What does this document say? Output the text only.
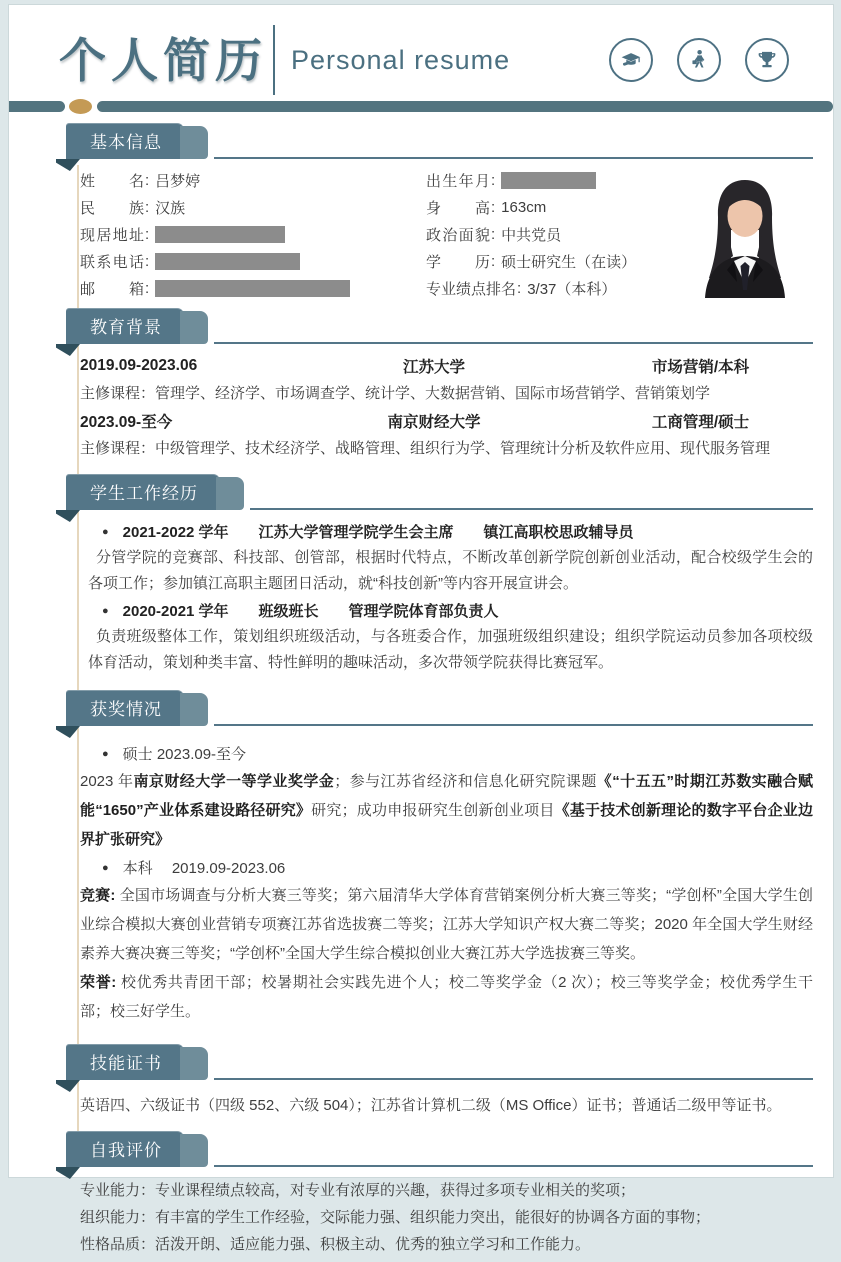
个人简历 Personal resume
基本信息
姓名 : 吕梦婷
民族 : 汉族
现居地址 :
联系电话 :
邮箱 :
出生年月 :
身高 : 163cm
政治面貌 : 中共党员
学历 : 硕士研究生（在读）
专业绩点排名 : 3/37（本科）
教育背景
2019.09-2023.06	江苏大学	市场营销/本科

主修课程：管理学、经济学、市场调查学、统计学、大数据营销、国际市场营销学、营销策划学

2023.09-至今	南京财经大学	工商管理/硕士

主修课程：中级管理学、技术经济学、战略管理、组织行为学、管理统计分析及软件应用、现代服务管理

学生工作经历
● 2021-2022 学年　　江苏大学管理学院学生会主席　　镇江高职校思政辅导员

分管学院的竞赛部、科技部、创管部，根据时代特点，不断改革创新学院创新创业活动，配合校级学生会的各项工作；参加镇江高职主题团日活动，就“科技创新”等内容开展宣讲会。

● 2020-2021 学年　　班级班长　　管理学院体育部负责人

负责班级整体工作，策划组织班级活动，与各班委合作，加强班级组织建设；组织学院运动员参加各项校级体育活动，策划种类丰富、特性鲜明的趣味活动，多次带领学院获得比赛冠军。

获奖情况
● 硕士 2023.09-至今

2023 年南京财经大学一等学业奖学金；参与江苏省经济和信息化研究院课题《“十五五”时期江苏数实融合赋能“1650”产业体系建设路径研究》研究；成功申报研究生创新创业项目《基于技术创新理论的数字平台企业边界扩张研究》

● 本科　 2019.09-2023.06

竞赛: 全国市场调查与分析大赛三等奖；第六届清华大学体育营销案例分析大赛三等奖；“学创杯”全国大学生创业综合模拟大赛创业营销专项赛江苏省选拔赛二等奖；江苏大学知识产权大赛二等奖；2020 年全国大学生财经素养大赛决赛三等奖；“学创杯”全国大学生综合模拟创业大赛江苏大学选拔赛三等奖。

荣誉: 校优秀共青团干部；校暑期社会实践先进个人；校二等奖学金（2 次）；校三等奖学金；校优秀学生干部；校三好学生。

技能证书

英语四、六级证书（四级 552、六级 504）；江苏省计算机二级（MS Office）证书；普通话二级甲等证书。

自我评价

专业能力：专业课程绩点较高，对专业有浓厚的兴趣，获得过多项专业相关的奖项；

组织能力：有丰富的学生工作经验，交际能力强、组织能力突出，能很好的协调各方面的事物；

性格品质：活泼开朗、适应能力强、积极主动、优秀的独立学习和工作能力。
